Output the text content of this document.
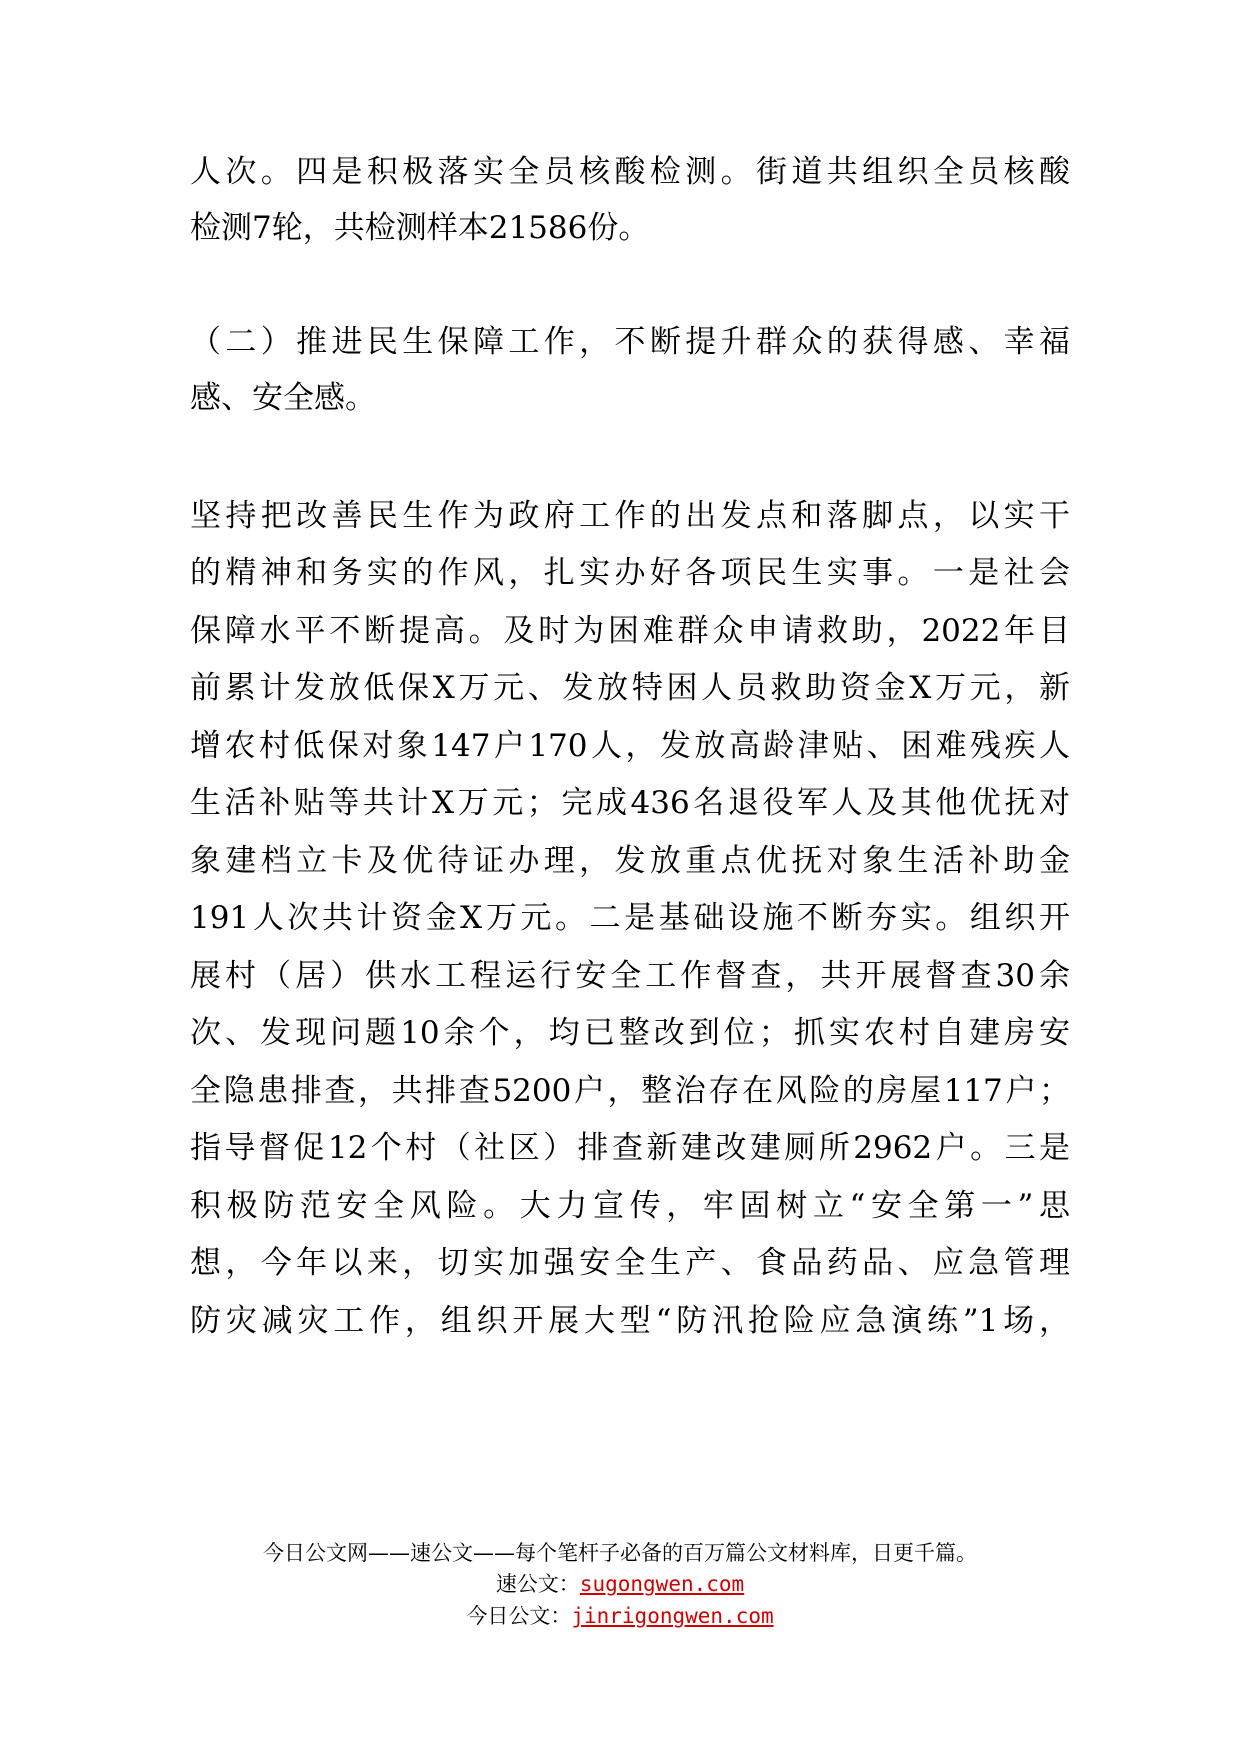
人次。四是积极落实全员核酸检测。街道共组织全员核酸
检测7轮，共检测样本21586份。
（二）推进民生保障工作，不断提升群众的获得感、幸福
感、安全感。
坚持把改善民生作为政府工作的出发点和落脚点，以实干
的精神和务实的作风，扎实办好各项民生实事。一是社会
保障水平不断提高。及时为困难群众申请救助，2022年目
前累计发放低保X万元、发放特困人员救助资金X万元，新
增农村低保对象147户170人，发放高龄津贴、困难残疾人
生活补贴等共计X万元；完成436名退役军人及其他优抚对
象建档立卡及优待证办理，发放重点优抚对象生活补助金
191人次共计资金X万元。二是基础设施不断夯实。组织开
展村（居）供水工程运行安全工作督查，共开展督查30余
次、发现问题10余个，均已整改到位；抓实农村自建房安
全隐患排查，共排查5200户，整治存在风险的房屋117户；
指导督促12个村（社区）排查新建改建厕所2962户。三是
积极防范安全风险。大力宣传，牢固树立“安全第一”思
想，今年以来，切实加强安全生产、食品药品、应急管理
防灾减灾工作，组织开展大型“防汛抢险应急演练”1场，
今日公文网——速公文——每个笔杆子必备的百万篇公文材料库，日更千篇。
速公文：sugongwen.com
今日公文：jinrigongwen.com
